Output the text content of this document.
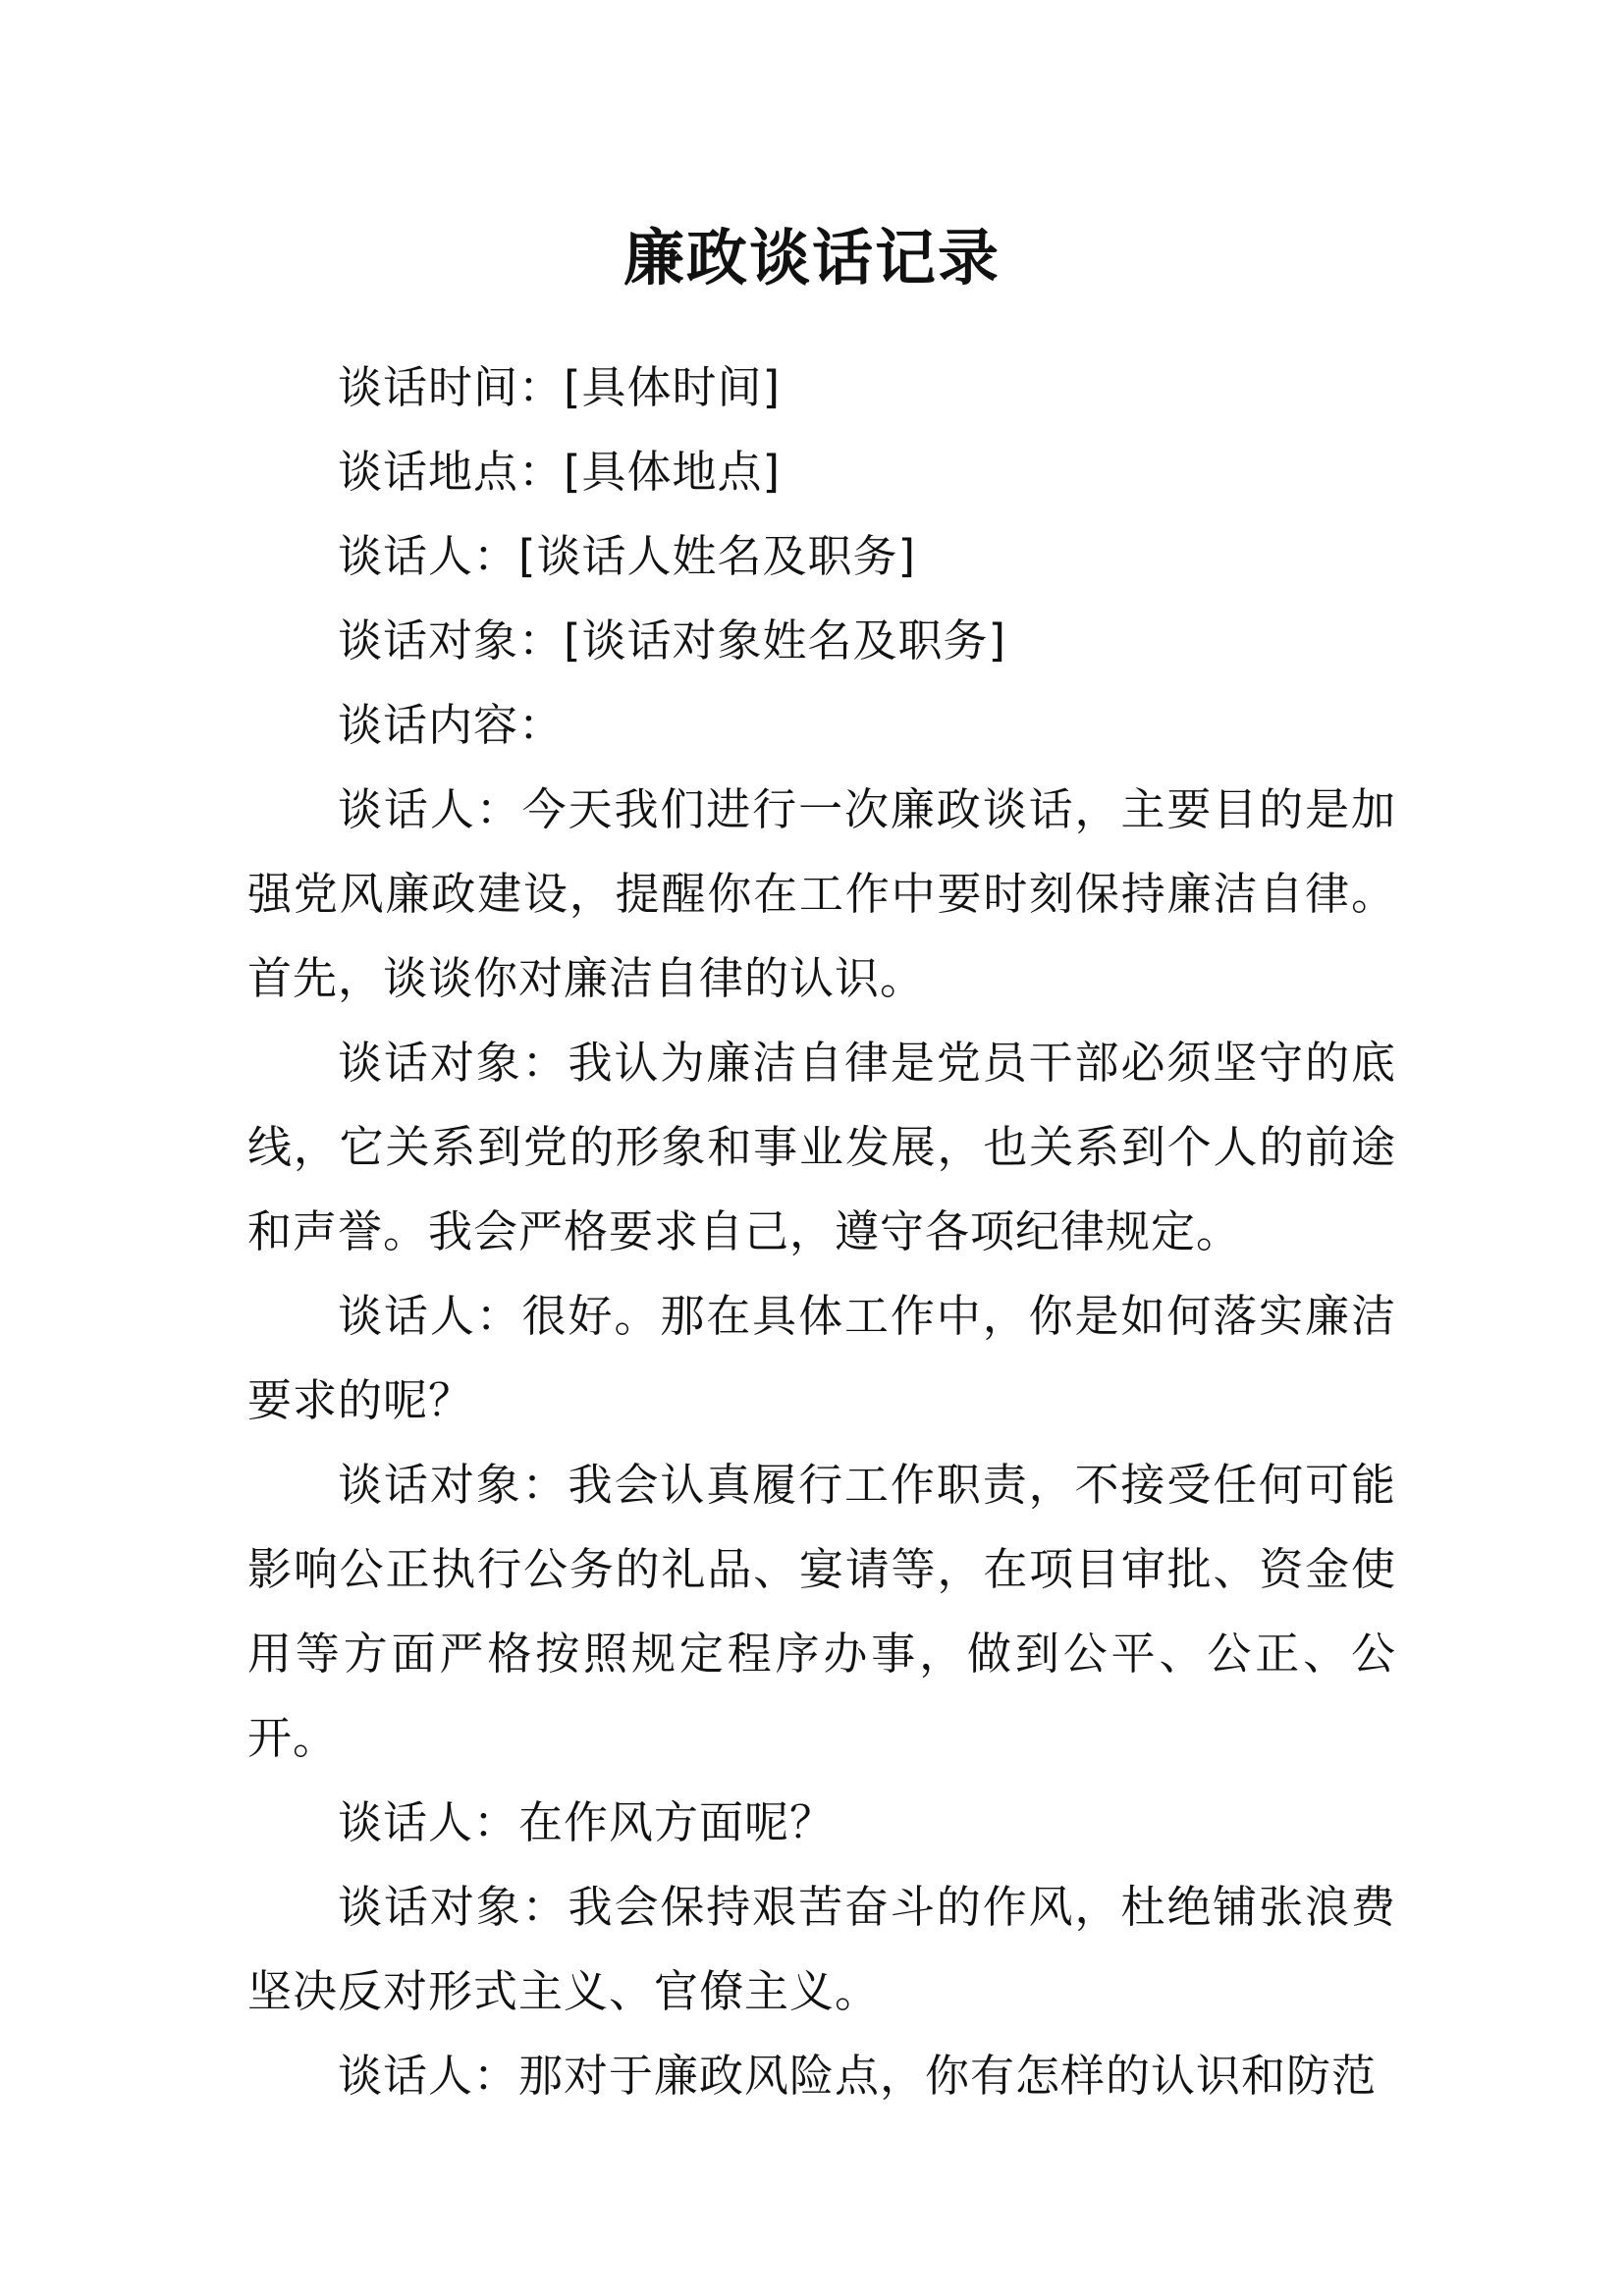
廉政谈话记录

谈话时间：[具体时间]

谈话地点：[具体地点]

谈话人：[谈话人姓名及职务]

谈话对象：[谈话对象姓名及职务]

谈话内容：

谈话人：今天我们进行一次廉政谈话，主要目的是加强党风廉政建设，提醒你在工作中要时刻保持廉洁自律。首先，谈谈你对廉洁自律的认识。

谈话对象：我认为廉洁自律是党员干部必须坚守的底线，它关系到党的形象和事业发展，也关系到个人的前途和声誉。我会严格要求自己，遵守各项纪律规定。

谈话人：很好。那在具体工作中，你是如何落实廉洁要求的呢？

谈话对象：我会认真履行工作职责，不接受任何可能影响公正执行公务的礼品、宴请等，在项目审批、资金使用等方面严格按照规定程序办事，做到公平、公正、公开。

谈话人：在作风方面呢？

谈话对象：我会保持艰苦奋斗的作风，杜绝铺张浪费坚决反对形式主义、官僚主义。

谈话人：那对于廉政风险点，你有怎样的认识和防范
